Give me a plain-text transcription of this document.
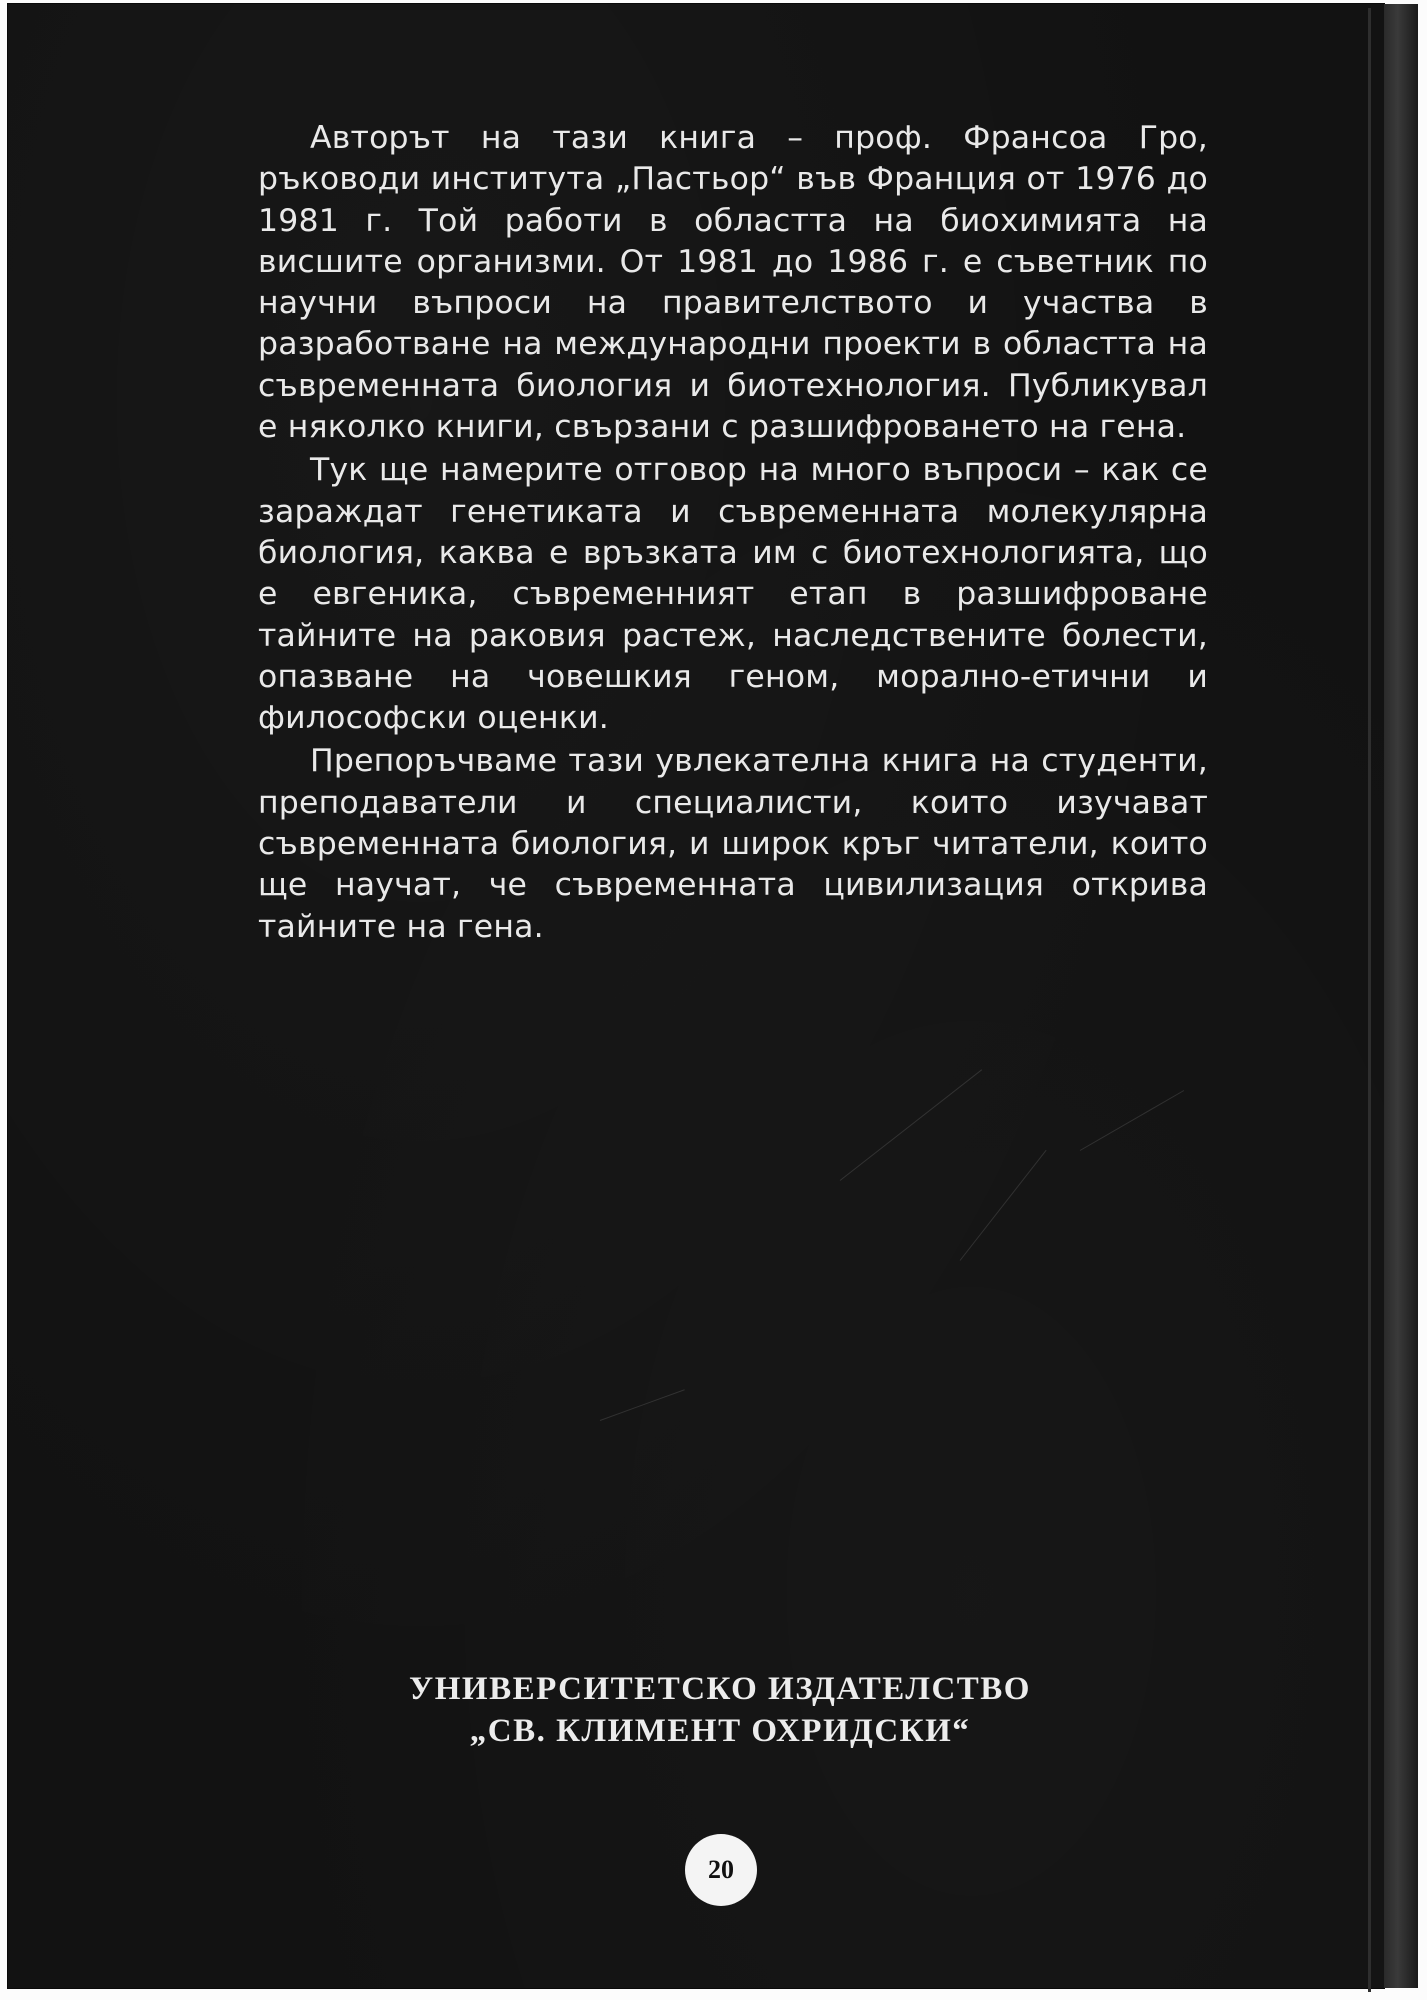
Авторът на тази книга – проф. Франсоа Гро, ръководи института „Пастьор“ във Франция от 1976 до 1981 г. Той работи в областта на биохимията на висшите организми. От 1981 до 1986 г. е съветник по научни въпроси на правителството и участва в разработване на международни проекти в областта на съвременната биология и биотехнология. Публикувал е няколко книги, свързани с разшифроването на гена.

Тук ще намерите отговор на много въпроси – как се зараждат генетиката и съвременната молекулярна биология, каква е връзката им с биотехнологията, що е евгеника, съвременният етап в разшифроване тайните на раковия растеж, наследствените болести, опазване на човешкия геном, морално-етични и философски оценки.

Препоръчваме тази увлекателна книга на студенти, преподаватели и специалисти, които изучават съвременната биология, и широк кръг читатели, които ще научат, че съвременната цивилизация открива тайните на гена.

УНИВЕРСИТЕТСКО ИЗДАТЕЛСТВО
„СВ. КЛИМЕНТ ОХРИДСКИ“
20
